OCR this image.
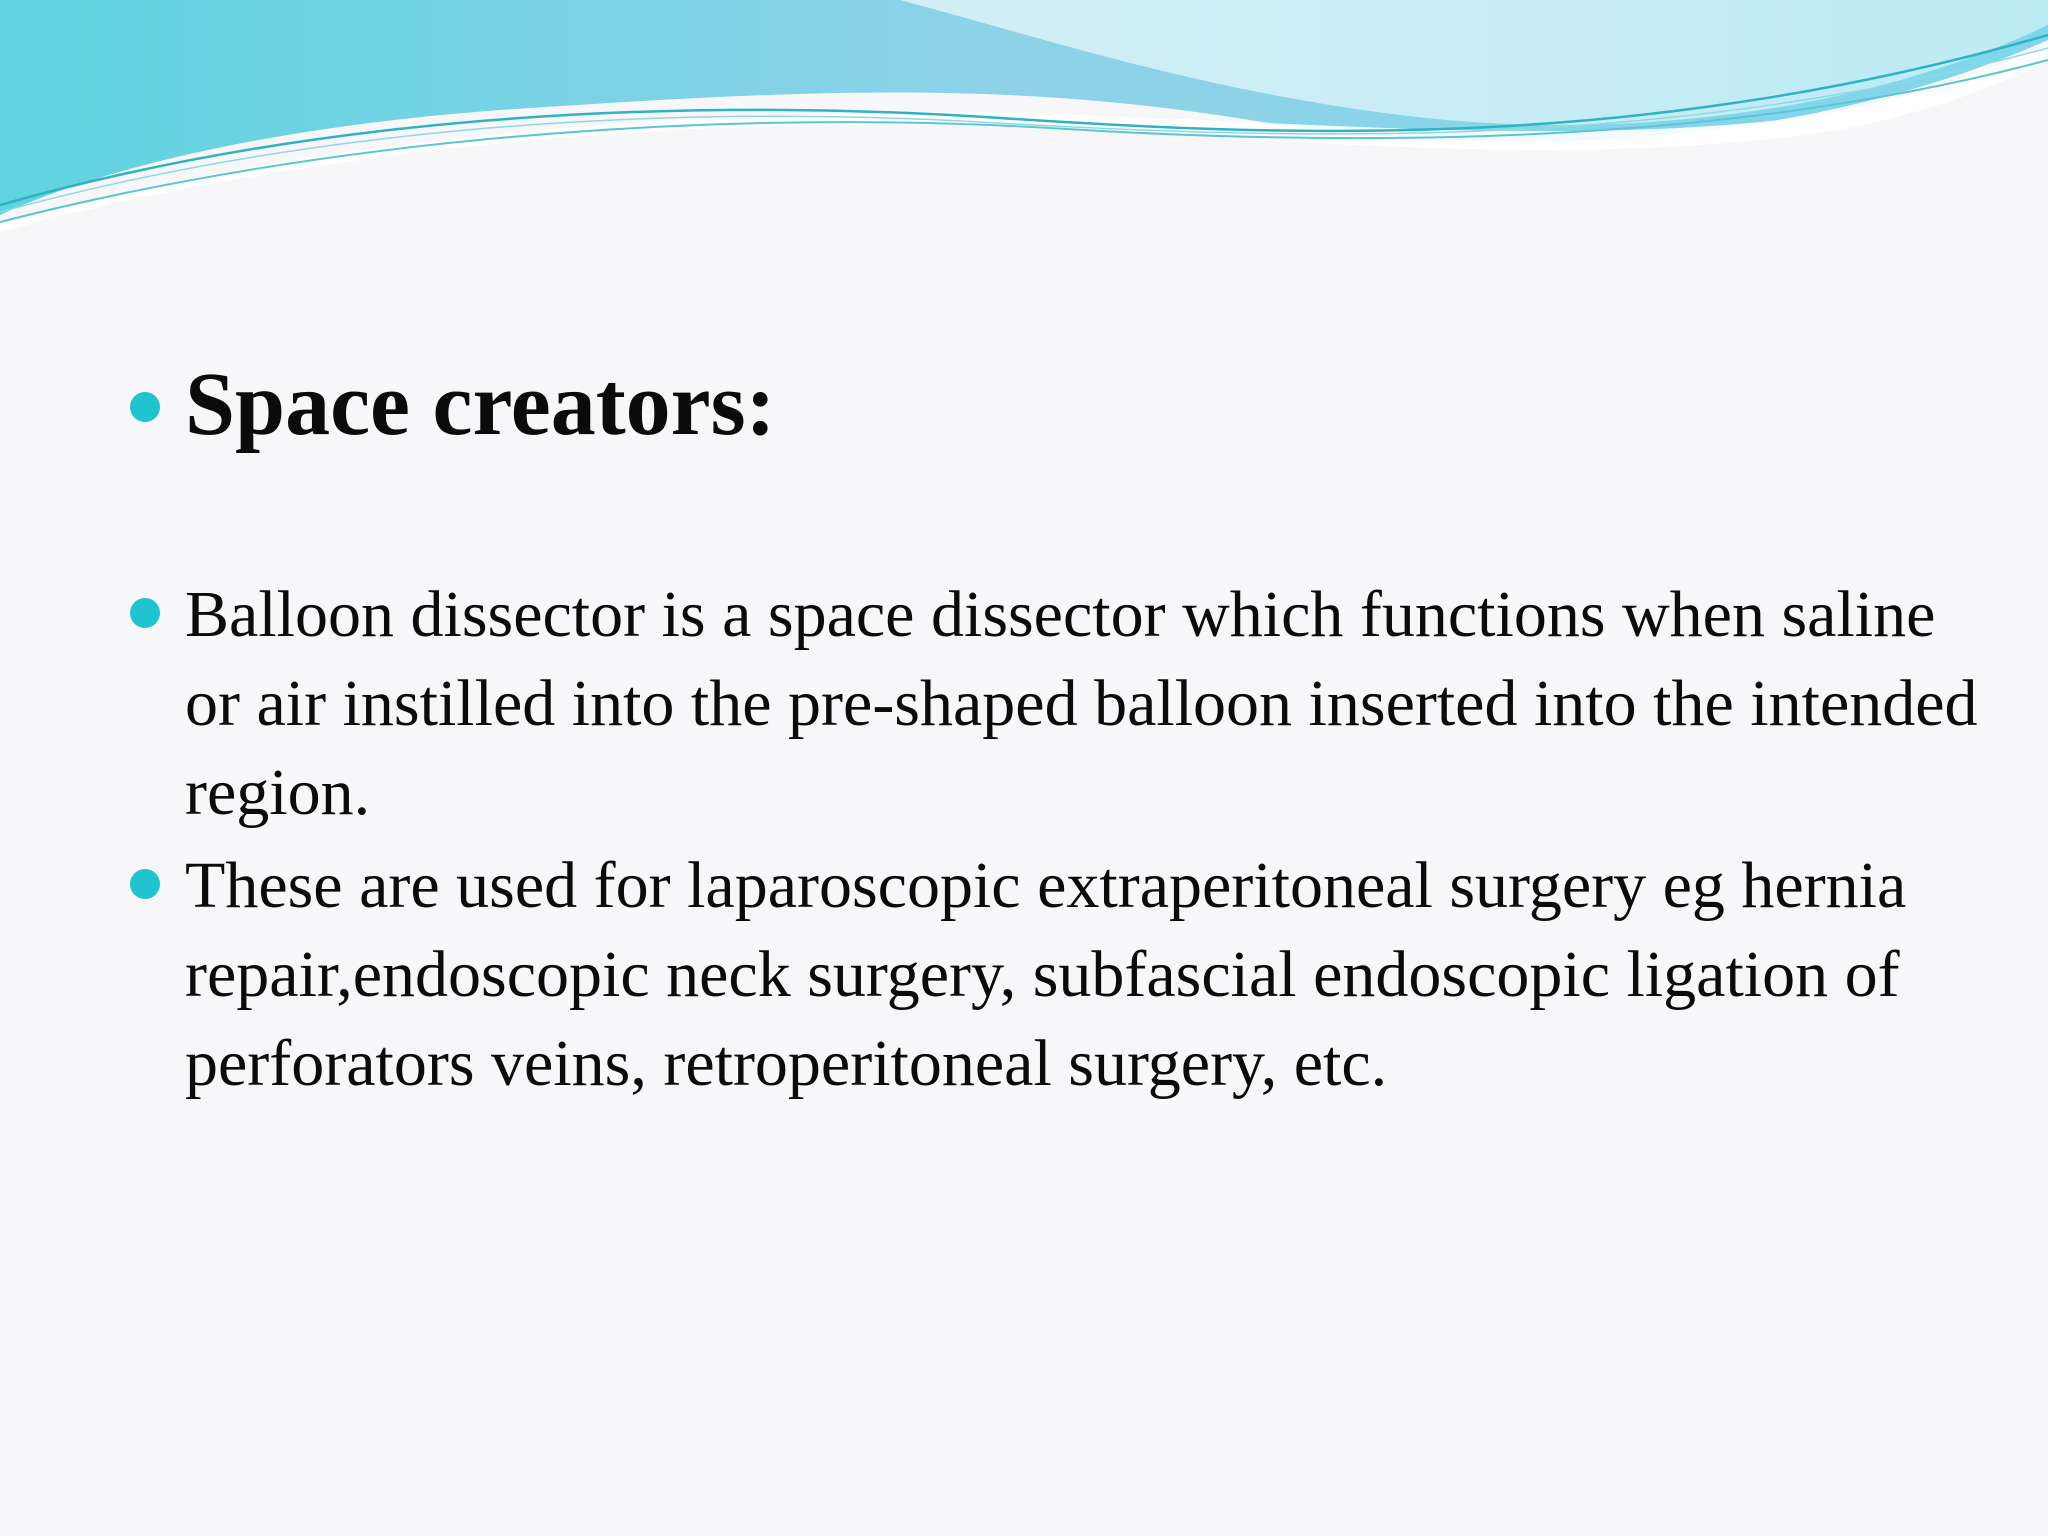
Space creators:
Balloon dissector is a space dissector which functions when saline or air instilled into the pre-shaped balloon inserted into the intended region.
These are used for laparoscopic extraperitoneal surgery eg hernia repair,endoscopic neck surgery, subfascial endoscopic ligation of perforators veins, retroperitoneal surgery, etc.
